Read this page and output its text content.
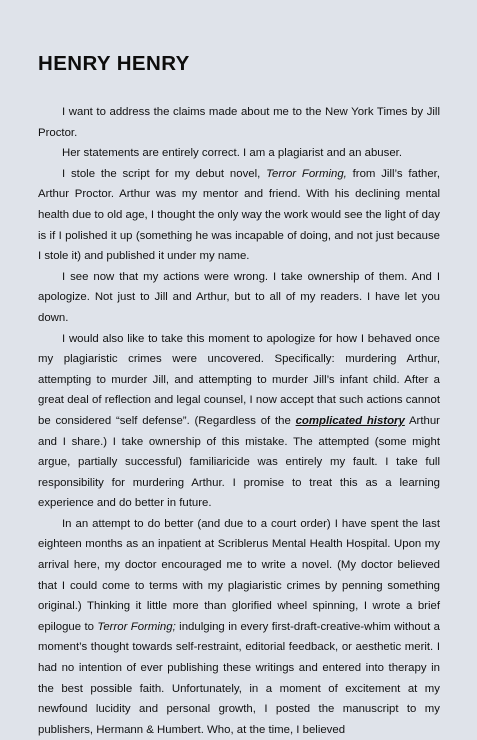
HENRY HENRY

I want to address the claims made about me to the New York Times by Jill Proctor.

Her statements are entirely correct. I am a plagiarist and an abuser.

I stole the script for my debut novel, Terror Forming, from Jill’s father, Arthur Proctor. Arthur was my mentor and friend. With his declining mental health due to old age, I thought the only way the work would see the light of day is if I polished it up (something he was incapable of doing, and not just because I stole it) and published it under my name.

I see now that my actions were wrong. I take ownership of them. And I apologize. Not just to Jill and Arthur, but to all of my readers. I have let you down.

I would also like to take this moment to apologize for how I behaved once my plagiaristic crimes were uncovered. Specifically: murdering Arthur, attempting to murder Jill, and attempting to murder Jill’s infant child. After a great deal of reflection and legal counsel, I now accept that such actions cannot be considered “self defense”. (Regardless of the complicated history Arthur and I share.) I take ownership of this mistake. The attempted (some might argue, partially successful) familiaricide was entirely my fault. I take full responsibility for murdering Arthur. I promise to treat this as a learning experience and do better in future.

In an attempt to do better (and due to a court order) I have spent the last eighteen months as an inpatient at Scriblerus Mental Health Hospital. Upon my arrival here, my doctor encouraged me to write a novel. (My doctor believed that I could come to terms with my plagiaristic crimes by penning something original.) Thinking it little more than glorified wheel spinning, I wrote a brief epilogue to Terror Forming; indulging in every first-draft-creative-whim without a moment’s thought towards self-restraint, editorial feedback, or aesthetic merit. I had no intention of ever publishing these writings and entered into therapy in the best possible faith. Unfortunately, in a moment of excitement at my newfound lucidity and personal growth, I posted the manuscript to my publishers, Hermann & Humbert. Who, at the time, I believed
